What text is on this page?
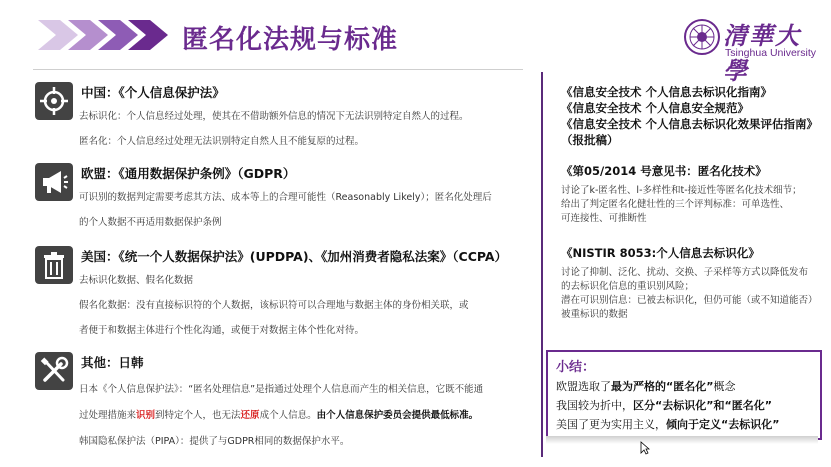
匿名化法规与标准	清華大學
Tsinghua University
中国：《个人信息保护法》
去标识化：个人信息经过处理，使其在不借助额外信息的情况下无法识别特定自然人的过程。
匿名化：个人信息经过处理无法识别特定自然人且不能复原的过程。
欧盟：《通用数据保护条例》（GDPR）
可识别的数据判定需要考虑其方法、成本等上的合理可能性（Reasonably Likely）；匿名化处理后
的个人数据不再适用数据保护条例
美国：《统一个人数据保护法》(UPDPA)、《加州消费者隐私法案》（CCPA）
去标识化数据、假名化数据
假名化数据：没有直接标识符的个人数据，该标识符可以合理地与数据主体的身份相关联，或
者便于和数据主体进行个性化沟通，或便于对数据主体个性化对待。
其他：日韩
日本《个人信息保护法》：“匿名处理信息”是指通过处理个人信息而产生的相关信息，它既不能通
过处理措施来识别到特定个人，也无法还原成个人信息。由个人信息保护委员会提供最低标准。
韩国隐私保护法（PIPA）：提供了与GDPR相同的数据保护水平。
《信息安全技术 个人信息去标识化指南》
《信息安全技术 个人信息安全规范》
《信息安全技术 个人信息去标识化效果评估指南》
（报批稿）
《第05/2014 号意见书：匿名化技术》
讨论了k-匿名性、l-多样性和t-接近性等匿名化技术细节；
给出了判定匿名化健壮性的三个评判标准：可单选性、
可连接性、可推断性
《NISTIR 8053:个人信息去标识化》
讨论了抑制、泛化、扰动、交换、子采样等方式以降低发布
的去标识化信息的重识别风险；
潜在可识别信息：已被去标识化，但仍可能（或不知道能否）
被重标识的数据
小结：
欧盟选取了最为严格的“匿名化”概念
我国较为折中，区分“去标识化”和“匿名化”
美国了更为实用主义，倾向于定义“去标识化”
